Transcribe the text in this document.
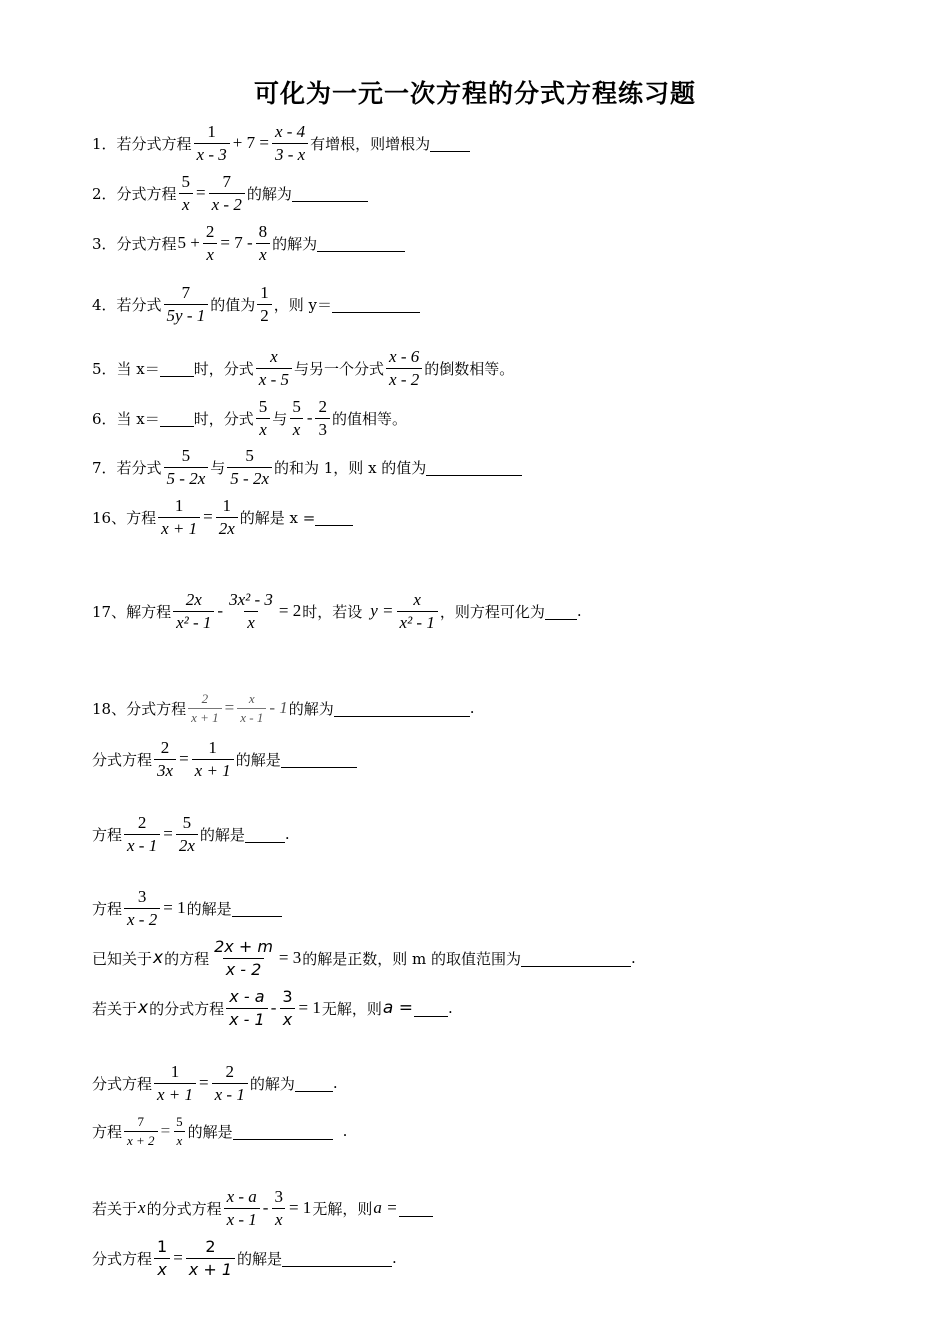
可化为一元一次方程的分式方程练习题
1．若分式方程 $\frac{1}{x - 3} + 7 = \frac{x - 4}{3 - x}$ 有增根，则增根为
2．分式方程 $\frac{5}{x} = \frac{7}{x - 2}$ 的解为
3．分式方程 $5 + \frac{2}{x} = 7 - \frac{8}{x}$ 的解为
4．若分式 $\frac{7}{5y - 1}$ 的值为 $\frac{1}{2}$ ，则 y＝
5．当 x＝ 时，分式 $\frac{x}{x - 5}$ 与另一个分式 $\frac{x - 6}{x - 2}$ 的倒数相等。
6．当 x＝ 时，分式 $\frac{5}{x}$ 与 $\frac{5}{x} - \frac{2}{3}$ 的值相等。
7．若分式 $\frac{5}{5 - 2x}$ 与 $\frac{5}{5 - 2x}$ 的和为 1，则 x 的值为
16、方程 $\frac{1}{x + 1} = \frac{1}{2x}$ 的解是 x =
17、解方程 $\frac{2x}{\text{x² - 1}} - \frac{\text{3x² - 3}}{x} = 2$ 时，若设 $y = \frac{x}{\text{x² - 1}}$ ，则方程可化为 .
18、分式方程 $\frac{2}{x + 1} = \frac{x}{x - 1} - 1$ 的解为	.
分式方程 $\frac{2}{3x} = \frac{1}{x + 1}$ 的解是
方程 $\frac{2}{x - 1} = \frac{5}{2x}$ 的解是	.
方程 $\frac{3}{x - 2} = 1$ 的解是
已知关于 x 的方程 $\frac{2x + m}{x - 2} = 3$ 的解是正数，则 m 的取值范围为	.
若关于 x 的分式方程 $\frac{x - a}{x - 1} - \frac{3}{x} = 1$ 无解，则 a = .
分式方程 $\frac{1}{x + 1} = \frac{2}{x - 1}$ 的解为	.
方程 $\frac{7}{x + 2} = \frac{5}{x}$ 的解是	.
若关于 x 的分式方程 $\frac{x - a}{x - 1} - \frac{3}{x} = 1$ 无解，则 a =
分式方程 $\frac{1}{x} = \frac{2}{x + 1}$ 的解是	.
